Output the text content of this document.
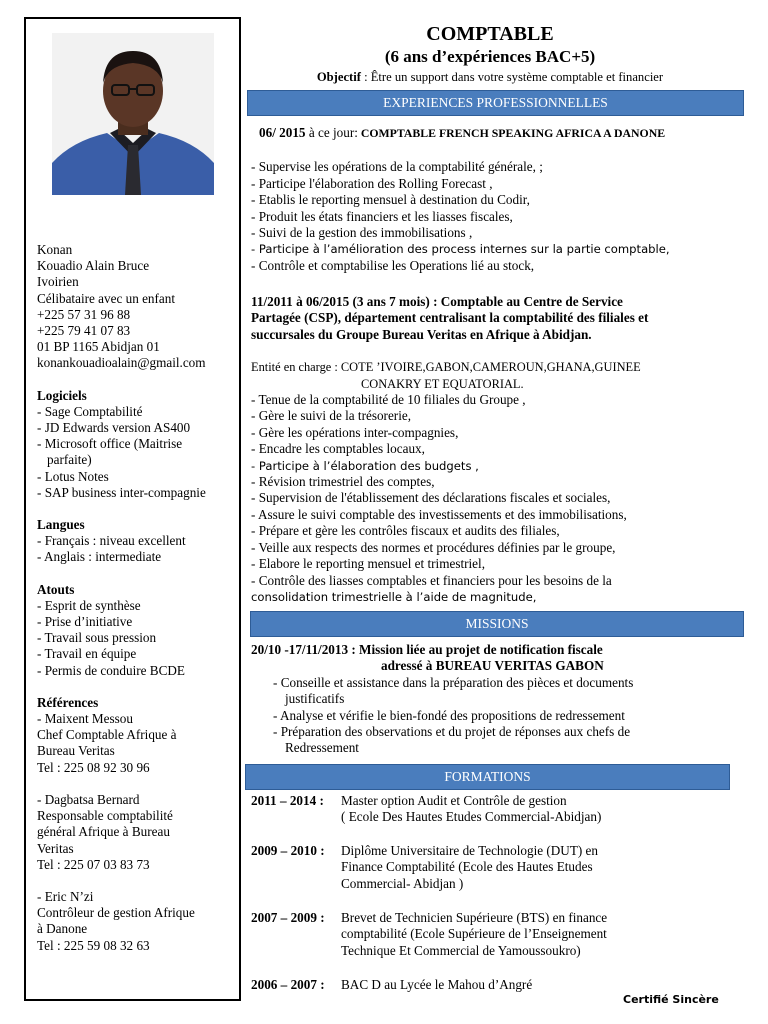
Konan
Kouadio Alain Bruce
Ivoirien
Célibataire avec un enfant
+225 57 31 96 88
+225 79 41 07 83
01 BP 1165 Abidjan 01
konankouadioalain@gmail.com
Logiciels
- Sage Comptabilité
- JD Edwards version AS400
- Microsoft office (Maitrise
parfaite)
- Lotus Notes
- SAP business inter-compagnie
Langues
- Français : niveau excellent
- Anglais : intermediate
Atouts
- Esprit de synthèse
- Prise d’initiative
- Travail sous pression
- Travail en équipe
- Permis de conduire BCDE
Références
- Maixent Messou
Chef Comptable Afrique à
Bureau Veritas
Tel : 225 08 92 30 96
- Dagbatsa Bernard
Responsable comptabilité
général Afrique à Bureau
Veritas
Tel : 225 07 03 83 73
- Eric N’zi
Contrôleur de gestion Afrique
à Danone
Tel : 225 59 08 32 63
COMPTABLE
(6 ans d’expériences BAC+5)
Objectif : Être un support dans votre système comptable et financier
EXPERIENCES PROFESSIONNELLES
06/ 2015 à ce jour: COMPTABLE FRENCH SPEAKING AFRICA A DANONE
- Supervise les opérations de la comptabilité générale, ;
- Participe l'élaboration des Rolling Forecast ,
- Etablis le reporting mensuel à destination du Codir,
- Produit les états financiers et les liasses fiscales,
- Suivi de la gestion des immobilisations ,
- Participe à l’amélioration des process internes sur la partie comptable,
- Contrôle et comptabilise les Operations lié au stock,
11/2011 à 06/2015 (3 ans 7 mois) : Comptable au Centre de Service
Partagée (CSP), département centralisant la comptabilité des filiales et
succursales du Groupe Bureau Veritas en Afrique à Abidjan.
Entité en charge : COTE ’IVOIRE,GABON,CAMEROUN,GHANA,GUINEE
CONAKRY ET EQUATORIAL.
- Tenue de la comptabilité de 10 filiales du Groupe ,
- Gère le suivi de la trésorerie,
- Gère les opérations inter-compagnies,
- Encadre les comptables locaux,
- Participe à l’élaboration des budgets ,
- Révision trimestriel des comptes,
- Supervision de l'établissement des déclarations fiscales et sociales,
- Assure le suivi comptable des investissements et des immobilisations,
- Prépare et gère les contrôles fiscaux et audits des filiales,
- Veille aux respects des normes et procédures définies par le groupe,
- Elabore le reporting mensuel et trimestriel,
- Contrôle des liasses comptables et financiers pour les besoins de la
consolidation trimestrielle à l’aide de magnitude,
MISSIONS
20/10 -17/11/2013 : Mission liée au projet de notification fiscale
adressé à BUREAU VERITAS GABON
- Conseille et assistance dans la préparation des pièces et documents
justificatifs
- Analyse et vérifie le bien-fondé des propositions de redressement
- Préparation des observations et du projet de réponses aux chefs de
Redressement
FORMATIONS
2011 – 2014 :	Master option Audit et Contrôle de gestion
( Ecole Des Hautes Etudes Commercial-Abidjan)
2009 – 2010 :	Diplôme Universitaire de Technologie (DUT) en
Finance Comptabilité (Ecole des Hautes Etudes
Commercial- Abidjan )
2007 – 2009 :	Brevet de Technicien Supérieure (BTS) en finance
comptabilité (Ecole Supérieure de l’Enseignement
Technique Et Commercial de Yamoussoukro)
2006 – 2007 :	BAC D au Lycée le Mahou d’Angré
Certifié Sincère
